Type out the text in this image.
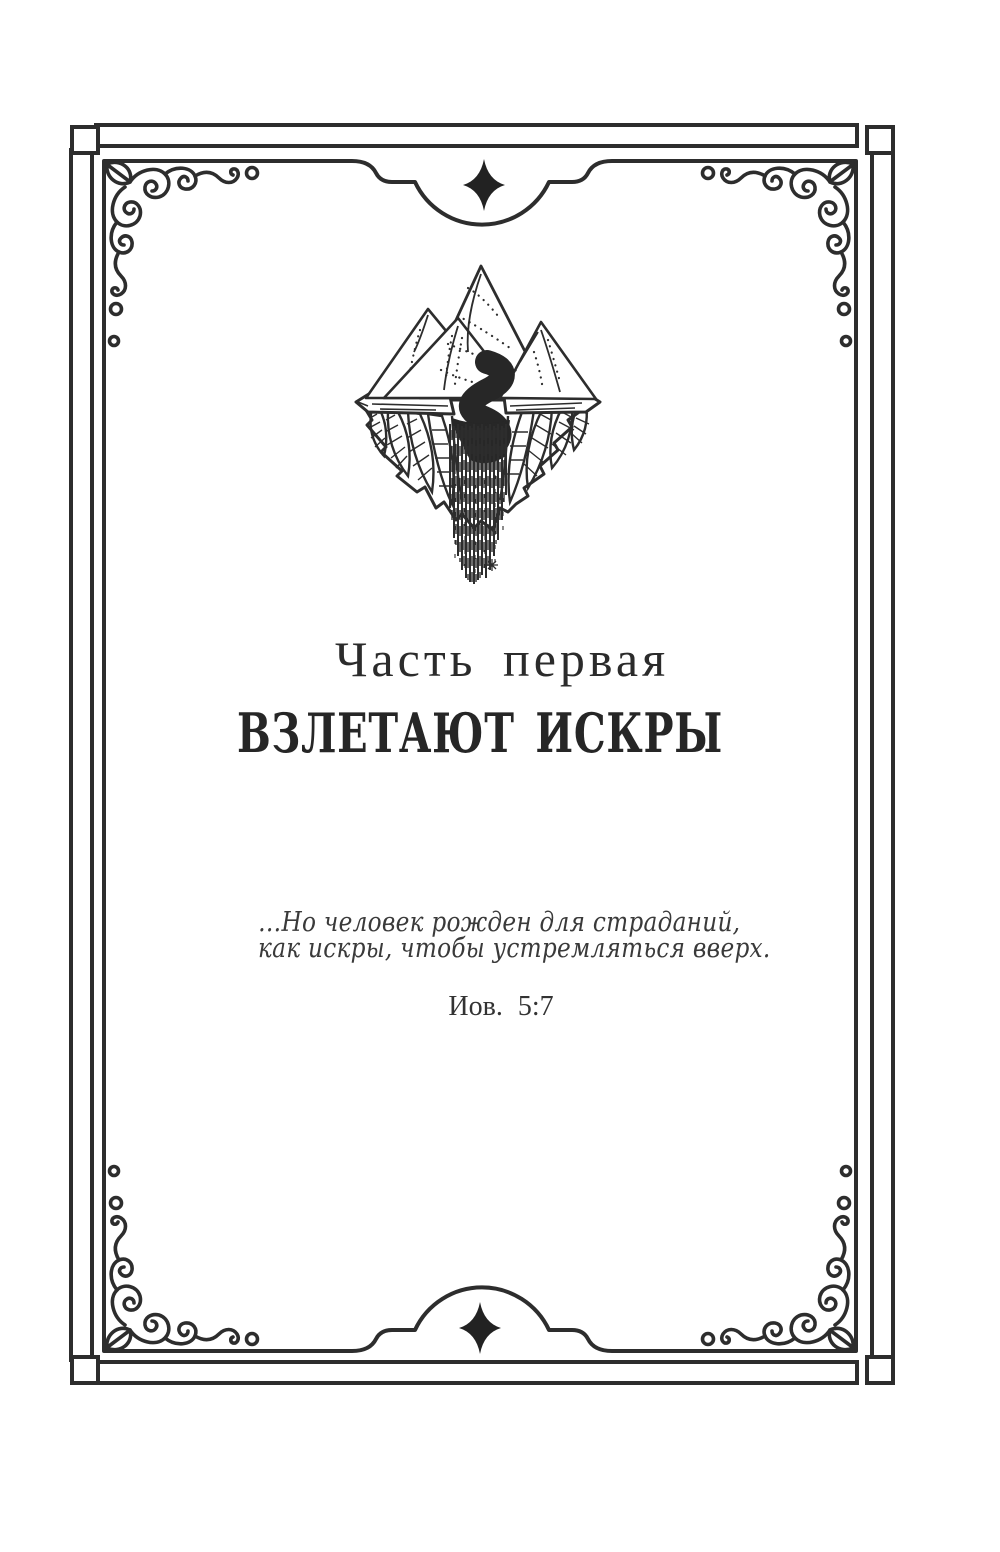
Часть первая
ВЗЛЕТАЮТ ИСКРЫ
…Но человек рожден для страданий,
как искры, чтобы устремляться вверх.
Иов. 5:7
